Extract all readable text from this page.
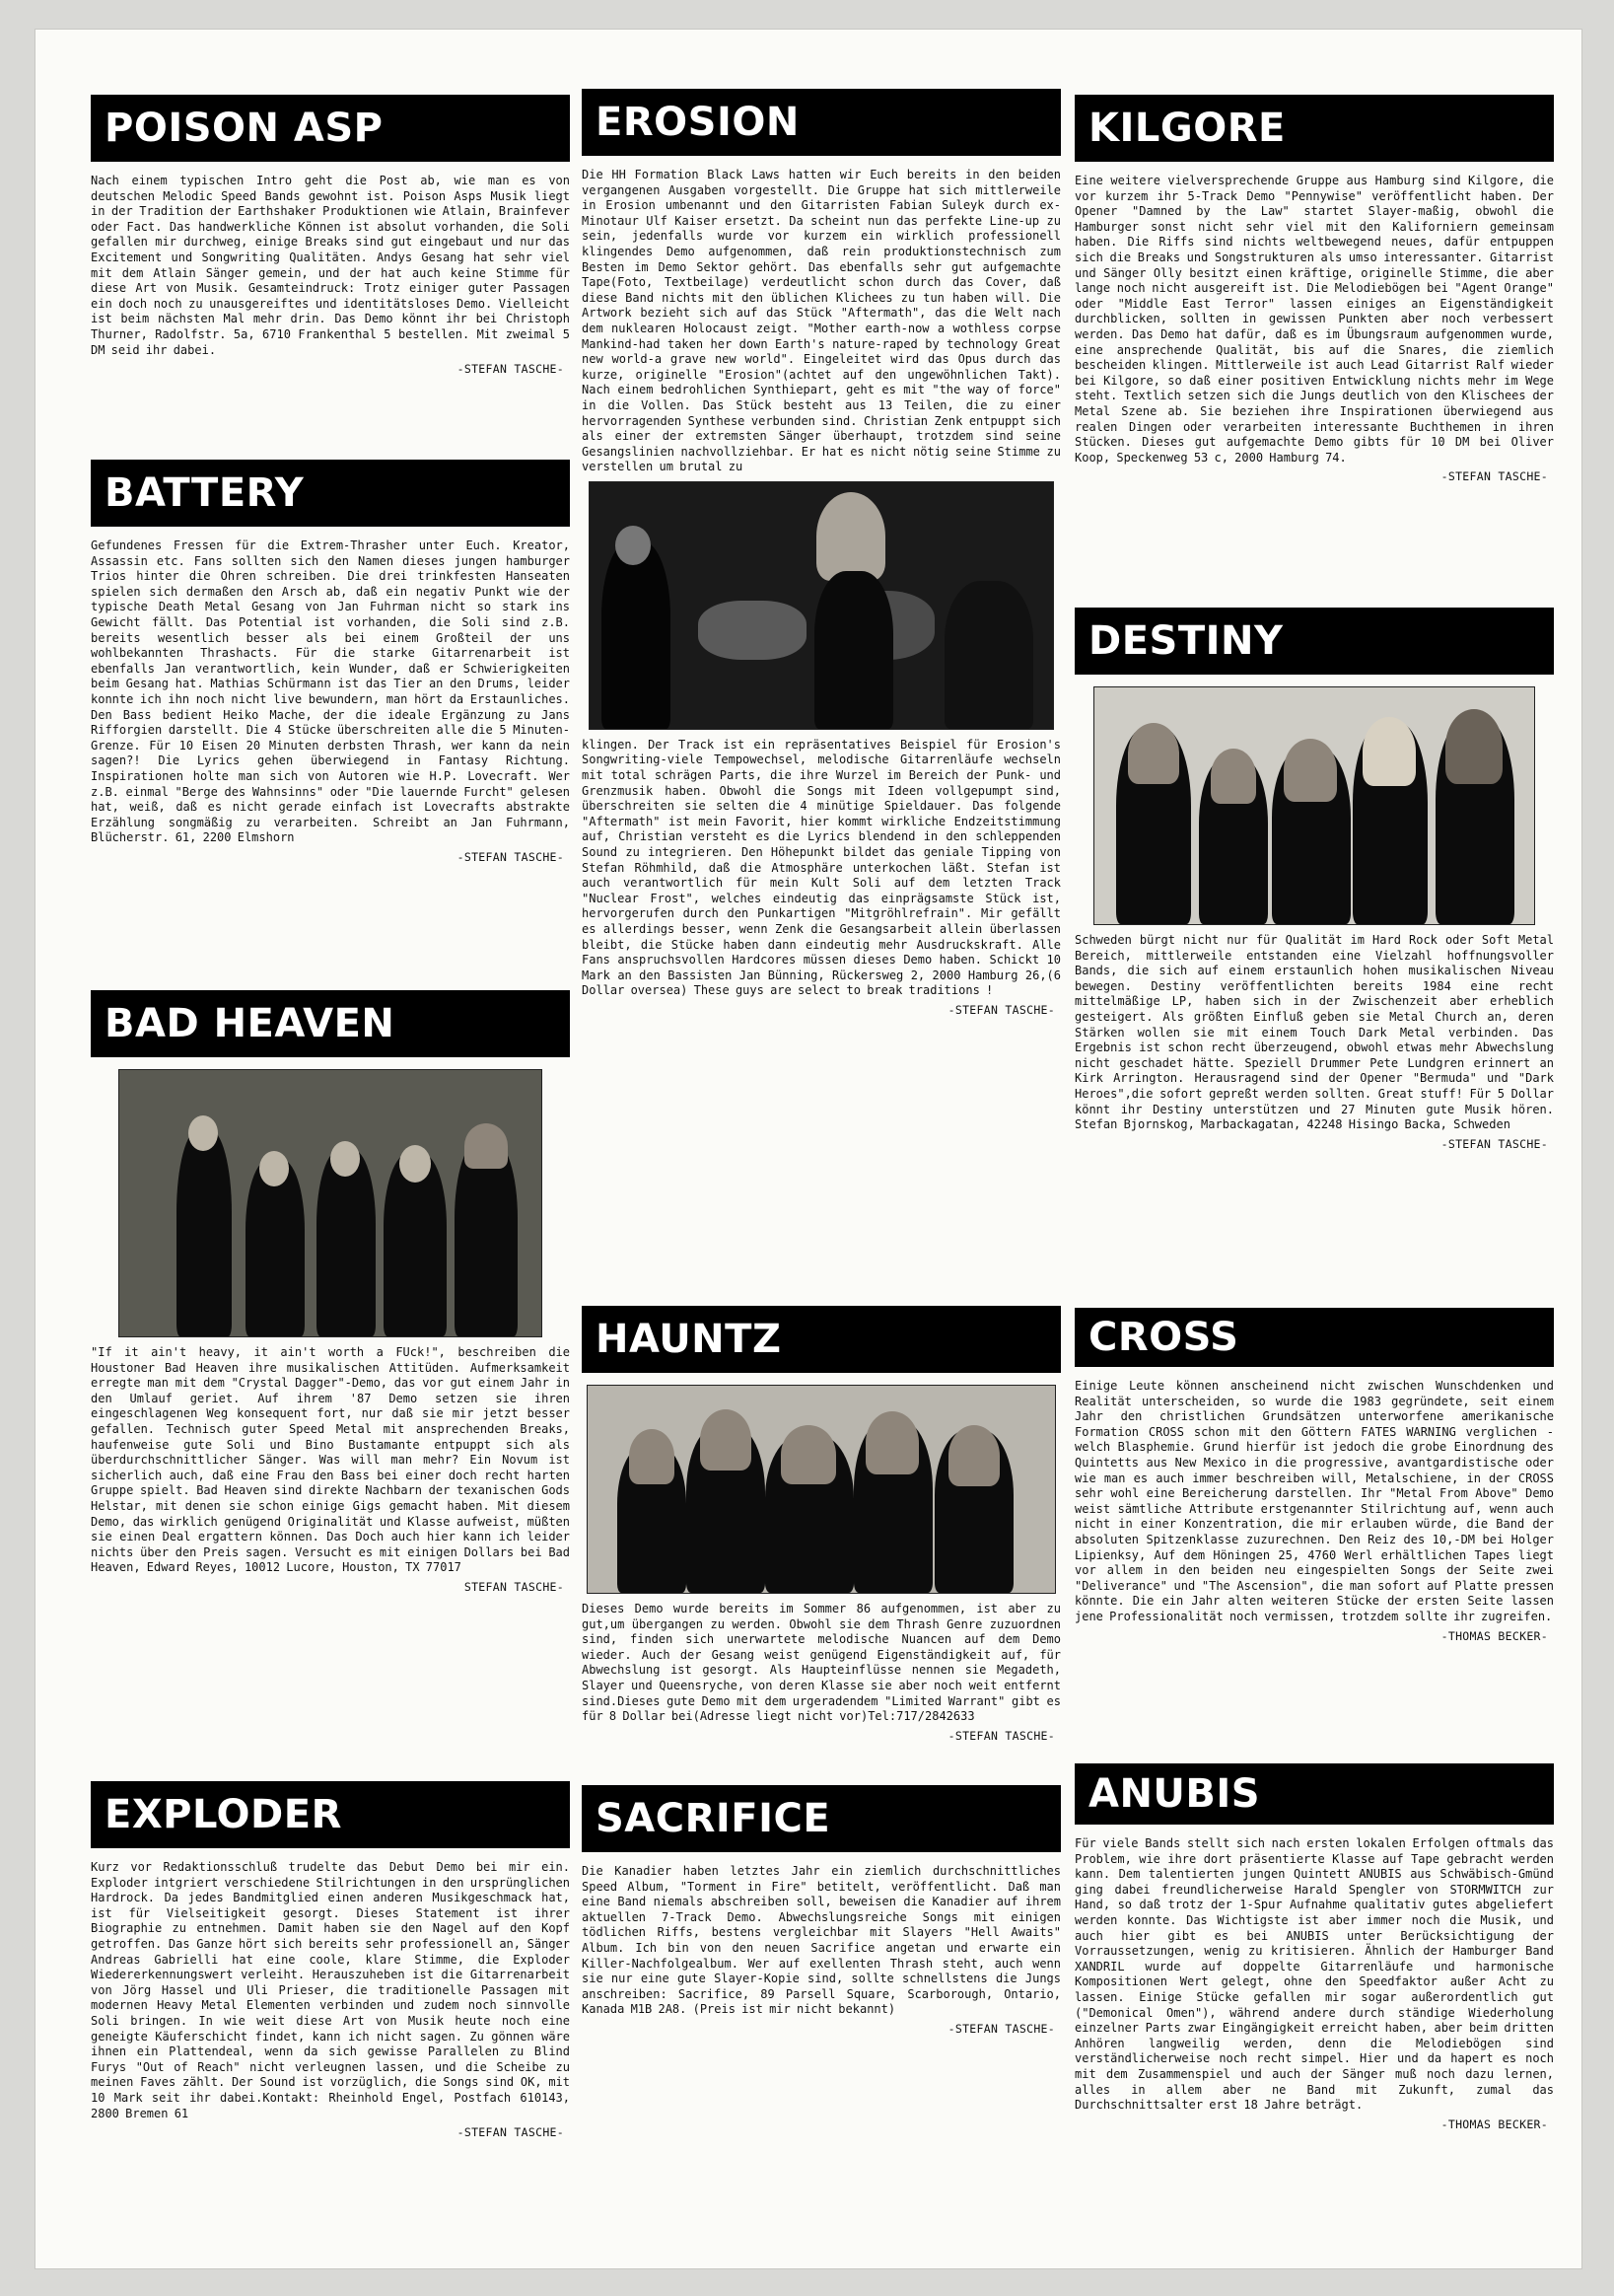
POISON ASP

Nach einem typischen Intro geht die Post ab, wie man es von deutschen Melodic Speed Bands gewohnt ist. Poison Asps Musik liegt in der Tradition der Earthshaker Produktionen wie Atlain, Brainfever oder Fact. Das handwerkliche Können ist absolut vorhanden, die Soli gefallen mir durchweg, einige Breaks sind gut eingebaut und nur das Excitement und Songwriting Qualitäten. Andys Gesang hat sehr viel mit dem Atlain Sänger gemein, und der hat auch keine Stimme für diese Art von Musik. Gesamteindruck: Trotz einiger guter Passagen ein doch noch zu unausgereiftes und identitätsloses Demo. Vielleicht ist beim nächsten Mal mehr drin. Das Demo könnt ihr bei Christoph Thurner, Radolfstr. 5a, 6710 Frankenthal 5 bestellen. Mit zweimal 5 DM seid ihr dabei.

-STEFAN TASCHE-
BATTERY

Gefundenes Fressen für die Extrem-Thrasher unter Euch. Kreator, Assassin etc. Fans sollten sich den Namen dieses jungen hamburger Trios hinter die Ohren schreiben. Die drei trinkfesten Hanseaten spielen sich dermaßen den Arsch ab, daß ein negativ Punkt wie der typische Death Metal Gesang von Jan Fuhrman nicht so stark ins Gewicht fällt. Das Potential ist vorhanden, die Soli sind z.B. bereits wesentlich besser als bei einem Großteil der uns wohlbekannten Thrashacts. Für die starke Gitarrenarbeit ist ebenfalls Jan verantwortlich, kein Wunder, daß er Schwierigkeiten beim Gesang hat. Mathias Schürmann ist das Tier an den Drums, leider konnte ich ihn noch nicht live bewundern, man hört da Erstaunliches. Den Bass bedient Heiko Mache, der die ideale Ergänzung zu Jans Rifforgien darstellt. Die 4 Stücke überschreiten alle die 5 Minuten-Grenze. Für 10 Eisen 20 Minuten derbsten Thrash, wer kann da nein sagen?! Die Lyrics gehen überwiegend in Fantasy Richtung. Inspirationen holte man sich von Autoren wie H.P. Lovecraft. Wer z.B. einmal "Berge des Wahnsinns" oder "Die lauernde Furcht" gelesen hat, weiß, daß es nicht gerade einfach ist Lovecrafts abstrakte Erzählung songmäßig zu verarbeiten. Schreibt an Jan Fuhrmann, Blücherstr. 61, 2200 Elmshorn

-STEFAN TASCHE-
BAD HEAVEN

"If it ain't heavy, it ain't worth a FUck!", beschreiben die Houstoner Bad Heaven ihre musikalischen Attitüden. Aufmerksamkeit erregte man mit dem "Crystal Dagger"-Demo, das vor gut einem Jahr in den Umlauf geriet. Auf ihrem '87 Demo setzen sie ihren eingeschlagenen Weg konsequent fort, nur daß sie mir jetzt besser gefallen. Technisch guter Speed Metal mit ansprechenden Breaks, haufenweise gute Soli und Bino Bustamante entpuppt sich als überdurchschnittlicher Sänger. Was will man mehr? Ein Novum ist sicherlich auch, daß eine Frau den Bass bei einer doch recht harten Gruppe spielt. Bad Heaven sind direkte Nachbarn der texanischen Gods Helstar, mit denen sie schon einige Gigs gemacht haben. Mit diesem Demo, das wirklich genügend Originalität und Klasse aufweist, müßten sie einen Deal ergattern können. Das Doch auch hier kann ich leider nichts über den Preis sagen. Versucht es mit einigen Dollars bei Bad Heaven, Edward Reyes, 10012 Lucore, Houston, TX 77017

STEFAN TASCHE-
EXPLODER

Kurz vor Redaktionsschluß trudelte das Debut Demo bei mir ein. Exploder intgriert verschiedene Stilrichtungen in den ursprünglichen Hardrock. Da jedes Bandmitglied einen anderen Musikgeschmack hat, ist für Vielseitigkeit gesorgt. Dieses Statement ist ihrer Biographie zu entnehmen. Damit haben sie den Nagel auf den Kopf getroffen. Das Ganze hört sich bereits sehr professionell an, Sänger Andreas Gabrielli hat eine coole, klare Stimme, die Exploder Wiedererkennungswert verleiht. Herauszuheben ist die Gitarrenarbeit von Jörg Hassel und Uli Prieser, die traditionelle Passagen mit modernen Heavy Metal Elementen verbinden und zudem noch sinnvolle Soli bringen. In wie weit diese Art von Musik heute noch eine geneigte Käuferschicht findet, kann ich nicht sagen. Zu gönnen wäre ihnen ein Plattendeal, wenn da sich gewisse Parallelen zu Blind Furys "Out of Reach" nicht verleugnen lassen, und die Scheibe zu meinen Faves zählt. Der Sound ist vorzüglich, die Songs sind OK, mit 10 Mark seit ihr dabei.Kontakt: Rheinhold Engel, Postfach 610143, 2800 Bremen 61

-STEFAN TASCHE-
EROSION

Die HH Formation Black Laws hatten wir Euch bereits in den beiden vergangenen Ausgaben vorgestellt. Die Gruppe hat sich mittlerweile in Erosion umbenannt und den Gitarristen Fabian Suleyk durch ex-Minotaur Ulf Kaiser ersetzt. Da scheint nun das perfekte Line-up zu sein, jedenfalls wurde vor kurzem ein wirklich professionell klingendes Demo aufgenommen, daß rein produktionstechnisch zum Besten im Demo Sektor gehört. Das ebenfalls sehr gut aufgemachte Tape(Foto, Textbeilage) verdeutlicht schon durch das Cover, daß diese Band nichts mit den üblichen Klichees zu tun haben will. Die Artwork bezieht sich auf das Stück "Aftermath", das die Welt nach dem nuklearen Holocaust zeigt. "Mother earth-now a wothless corpse Mankind-had taken her down Earth's nature-raped by technology Great new world-a grave new world". Eingeleitet wird das Opus durch das kurze, originelle "Erosion"(achtet auf den ungewöhnlichen Takt). Nach einem bedrohlichen Synthiepart, geht es mit "the way of force" in die Vollen. Das Stück besteht aus 13 Teilen, die zu einer hervorragenden Synthese verbunden sind. Christian Zenk entpuppt sich als einer der extremsten Sänger überhaupt, trotzdem sind seine Gesangslinien nachvollziehbar. Er hat es nicht nötig seine Stimme zu verstellen um brutal zu

klingen. Der Track ist ein repräsentatives Beispiel für Erosion's Songwriting-viele Tempowechsel, melodische Gitarrenläufe wechseln mit total schrägen Parts, die ihre Wurzel im Bereich der Punk- und Grenzmusik haben. Obwohl die Songs mit Ideen vollgepumpt sind, überschreiten sie selten die 4 minütige Spieldauer. Das folgende "Aftermath" ist mein Favorit, hier kommt wirkliche Endzeitstimmung auf, Christian versteht es die Lyrics blendend in den schleppenden Sound zu integrieren. Den Höhepunkt bildet das geniale Tipping von Stefan Röhmhild, daß die Atmosphäre unterkochen läßt. Stefan ist auch verantwortlich für mein Kult Soli auf dem letzten Track "Nuclear Frost", welches eindeutig das einprägsamste Stück ist, hervorgerufen durch den Punkartigen "Mitgröhlrefrain". Mir gefällt es allerdings besser, wenn Zenk die Gesangsarbeit allein überlassen bleibt, die Stücke haben dann eindeutig mehr Ausdruckskraft. Alle Fans anspruchsvollen Hardcores müssen dieses Demo haben. Schickt 10 Mark an den Bassisten Jan Bünning, Rückersweg 2, 2000 Hamburg 26,(6 Dollar oversea) These guys are select to break traditions !

-STEFAN TASCHE-
HAUNTZ

Dieses Demo wurde bereits im Sommer 86 aufgenommen, ist aber zu gut,um übergangen zu werden. Obwohl sie dem Thrash Genre zuzuordnen sind, finden sich unerwartete melodische Nuancen auf dem Demo wieder. Auch der Gesang weist genügend Eigenständigkeit auf, für Abwechslung ist gesorgt. Als Haupteinflüsse nennen sie Megadeth, Slayer und Queensryche, von deren Klasse sie aber noch weit entfernt sind.Dieses gute Demo mit dem urgeradendem "Limited Warrant" gibt es für 8 Dollar bei(Adresse liegt nicht vor)Tel:717/2842633

-STEFAN TASCHE-
SACRIFICE

Die Kanadier haben letztes Jahr ein ziemlich durchschnittliches Speed Album, "Torment in Fire" betitelt, veröffentlicht. Daß man eine Band niemals abschreiben soll, beweisen die Kanadier auf ihrem aktuellen 7-Track Demo. Abwechslungsreiche Songs mit einigen tödlichen Riffs, bestens vergleichbar mit Slayers "Hell Awaits" Album. Ich bin von den neuen Sacrifice angetan und erwarte ein Killer-Nachfolgealbum. Wer auf exellenten Thrash steht, auch wenn sie nur eine gute Slayer-Kopie sind, sollte schnellstens die Jungs anschreiben: Sacrifice, 89 Parsell Square, Scarborough, Ontario, Kanada M1B 2A8. (Preis ist mir nicht bekannt)

-STEFAN TASCHE-
KILGORE

Eine weitere vielversprechende Gruppe aus Hamburg sind Kilgore, die vor kurzem ihr 5-Track Demo "Pennywise" veröffentlicht haben. Der Opener "Damned by the Law" startet Slayer-maßig, obwohl die Hamburger sonst nicht sehr viel mit den Kaliforniern gemeinsam haben. Die Riffs sind nichts weltbewegend neues, dafür entpuppen sich die Breaks und Songstrukturen als umso interessanter. Gitarrist und Sänger Olly besitzt einen kräftige, originelle Stimme, die aber lange noch nicht ausgereift ist. Die Melodiebögen bei "Agent Orange" oder "Middle East Terror" lassen einiges an Eigenständigkeit durchblicken, sollten in gewissen Punkten aber noch verbessert werden. Das Demo hat dafür, daß es im Übungsraum aufgenommen wurde, eine ansprechende Qualität, bis auf die Snares, die ziemlich bescheiden klingen. Mittlerweile ist auch Lead Gitarrist Ralf wieder bei Kilgore, so daß einer positiven Entwicklung nichts mehr im Wege steht. Textlich setzen sich die Jungs deutlich von den Klischees der Metal Szene ab. Sie beziehen ihre Inspirationen überwiegend aus realen Dingen oder verarbeiten interessante Buchthemen in ihren Stücken. Dieses gut aufgemachte Demo gibts für 10 DM bei Oliver Koop, Speckenweg 53 c, 2000 Hamburg 74.

-STEFAN TASCHE-
DESTINY

Schweden bürgt nicht nur für Qualität im Hard Rock oder Soft Metal Bereich, mittlerweile entstanden eine Vielzahl hoffnungsvoller Bands, die sich auf einem erstaunlich hohen musikalischen Niveau bewegen. Destiny veröffentlichten bereits 1984 eine recht mittelmäßige LP, haben sich in der Zwischenzeit aber erheblich gesteigert. Als größten Einfluß geben sie Metal Church an, deren Stärken wollen sie mit einem Touch Dark Metal verbinden. Das Ergebnis ist schon recht überzeugend, obwohl etwas mehr Abwechslung nicht geschadet hätte. Speziell Drummer Pete Lundgren erinnert an Kirk Arrington. Herausragend sind der Opener "Bermuda" und "Dark Heroes",die sofort gepreßt werden sollten. Great stuff! Für 5 Dollar könnt ihr Destiny unterstützen und 27 Minuten gute Musik hören. Stefan Bjornskog, Marbackagatan, 42248 Hisingo Backa, Schweden

-STEFAN TASCHE-
CROSS

Einige Leute können anscheinend nicht zwischen Wunschdenken und Realität unterscheiden, so wurde die 1983 gegründete, seit einem Jahr den christlichen Grundsätzen unterworfene amerikanische Formation CROSS schon mit den Göttern FATES WARNING verglichen - welch Blasphemie. Grund hierfür ist jedoch die grobe Einordnung des Quintetts aus New Mexico in die progressive, avantgardistische oder wie man es auch immer beschreiben will, Metalschiene, in der CROSS sehr wohl eine Bereicherung darstellen. Ihr "Metal From Above" Demo weist sämtliche Attribute erstgenannter Stilrichtung auf, wenn auch nicht in einer Konzentration, die mir erlauben würde, die Band der absoluten Spitzenklasse zuzurechnen. Den Reiz des 10,-DM bei Holger Lipienksy, Auf dem Höningen 25, 4760 Werl erhältlichen Tapes liegt vor allem in den beiden neu eingespielten Songs der Seite zwei "Deliverance" und "The Ascension", die man sofort auf Platte pressen könnte. Die ein Jahr alten weiteren Stücke der ersten Seite lassen jene Professionalität noch vermissen, trotzdem sollte ihr zugreifen.

-THOMAS BECKER-
ANUBIS

Für viele Bands stellt sich nach ersten lokalen Erfolgen oftmals das Problem, wie ihre dort präsentierte Klasse auf Tape gebracht werden kann. Dem talentierten jungen Quintett ANUBIS aus Schwäbisch-Gmünd ging dabei freundlicherweise Harald Spengler von STORMWITCH zur Hand, so daß trotz der 1-Spur Aufnahme qualitativ gutes abgeliefert werden konnte. Das Wichtigste ist aber immer noch die Musik, und auch hier gibt es bei ANUBIS unter Berücksichtigung der Vorraussetzungen, wenig zu kritisieren. Ähnlich der Hamburger Band XANDRIL wurde auf doppelte Gitarrenläufe und harmonische Kompositionen Wert gelegt, ohne den Speedfaktor außer Acht zu lassen. Einige Stücke gefallen mir sogar außerordentlich gut ("Demonical Omen"), während andere durch ständige Wiederholung einzelner Parts zwar Eingängigkeit erreicht haben, aber beim dritten Anhören langweilig werden, denn die Melodiebögen sind verständlicherweise noch recht simpel. Hier und da hapert es noch mit dem Zusammenspiel und auch der Sänger muß noch dazu lernen, alles in allem aber ne Band mit Zukunft, zumal das Durchschnittsalter erst 18 Jahre beträgt.

-THOMAS BECKER-
